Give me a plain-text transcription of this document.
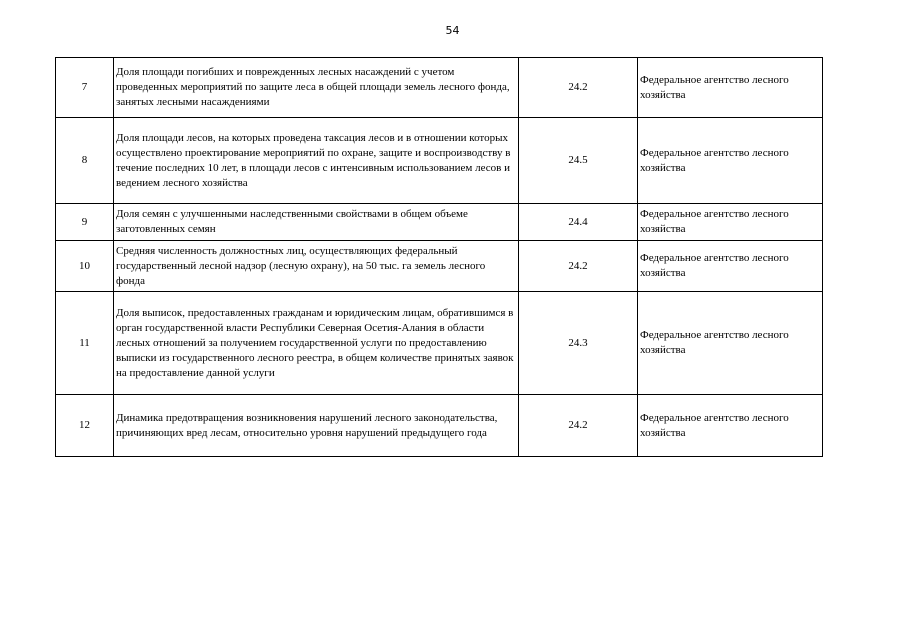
54
7	Доля площади погибших и поврежденных лесных насаждений с учетом проведенных мероприятий по защите леса в общей площади земель лесного фонда, занятых лесными насаждениями	24.2	Федеральное агентство лесного хозяйства
8	Доля площади лесов, на которых проведена таксация лесов и в отношении которых осуществлено проектирование мероприятий по охране, защите и воспроизводству в течение последних 10 лет, в площади лесов с интенсивным использованием лесов и ведением лесного хозяйства	24.5	Федеральное агентство лесного хозяйства
9	Доля семян с улучшенными наследственными свойствами в общем объеме заготовленных семян	24.4	Федеральное агентство лесного хозяйства
10	Средняя численность должностных лиц, осуществляющих федеральный государственный лесной надзор (лесную охрану), на 50 тыс. га земель лесного фонда	24.2	Федеральное агентство лесного хозяйства
11	Доля выписок, предоставленных гражданам и юридическим лицам, обратившимся в орган государственной власти Республики Северная Осетия-Алания в области лесных отношений за получением государственной услуги по предоставлению выписки из государственного лесного реестра, в общем количестве принятых заявок на предоставление данной услуги	24.3	Федеральное агентство лесного хозяйства
12	Динамика предотвращения возникновения нарушений лесного законодательства, причиняющих вред лесам, относительно уровня нарушений предыдущего года	24.2	Федеральное агентство лесного хозяйства
